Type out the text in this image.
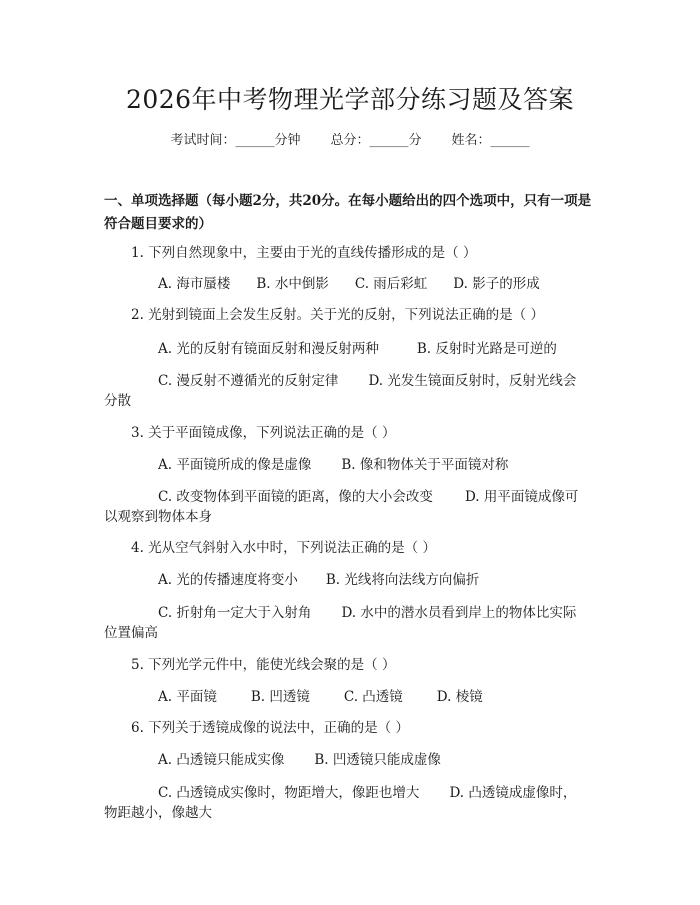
2026年中考物理光学部分练习题及答案
考试时间：______分钟 总分：______分 姓名：______
一、单项选择题（每小题2分，共20分。在每小题给出的四个选项中，只有一项是符合题目要求的）
1. 下列自然现象中，主要由于光的直线传播形成的是（ ）
A. 海市蜃楼 B. 水中倒影 C. 雨后彩虹 D. 影子的形成
2. 光射到镜面上会发生反射。关于光的反射，下列说法正确的是（ ）
A. 光的反射有镜面反射和漫反射两种	B. 反射时光路是可逆的
C. 漫反射不遵循光的反射定律 D. 光发生镜面反射时，反射光线会
分散
3. 关于平面镜成像，下列说法正确的是（ ）
A. 平面镜所成的像是虚像 B. 像和物体关于平面镜对称
C. 改变物体到平面镜的距离，像的大小会改变 D. 用平面镜成像可
以观察到物体本身
4. 光从空气斜射入水中时，下列说法正确的是（ ）
A. 光的传播速度将变小 B. 光线将向法线方向偏折
C. 折射角一定大于入射角 D. 水中的潜水员看到岸上的物体比实际
位置偏高
5. 下列光学元件中，能使光线会聚的是（ ）
A. 平面镜	B. 凹透镜	C. 凸透镜	D. 棱镜
6. 下列关于透镜成像的说法中，正确的是（ ）
A. 凸透镜只能成实像 B. 凹透镜只能成虚像
C. 凸透镜成实像时，物距增大，像距也增大 D. 凸透镜成虚像时，
物距越小，像越大
